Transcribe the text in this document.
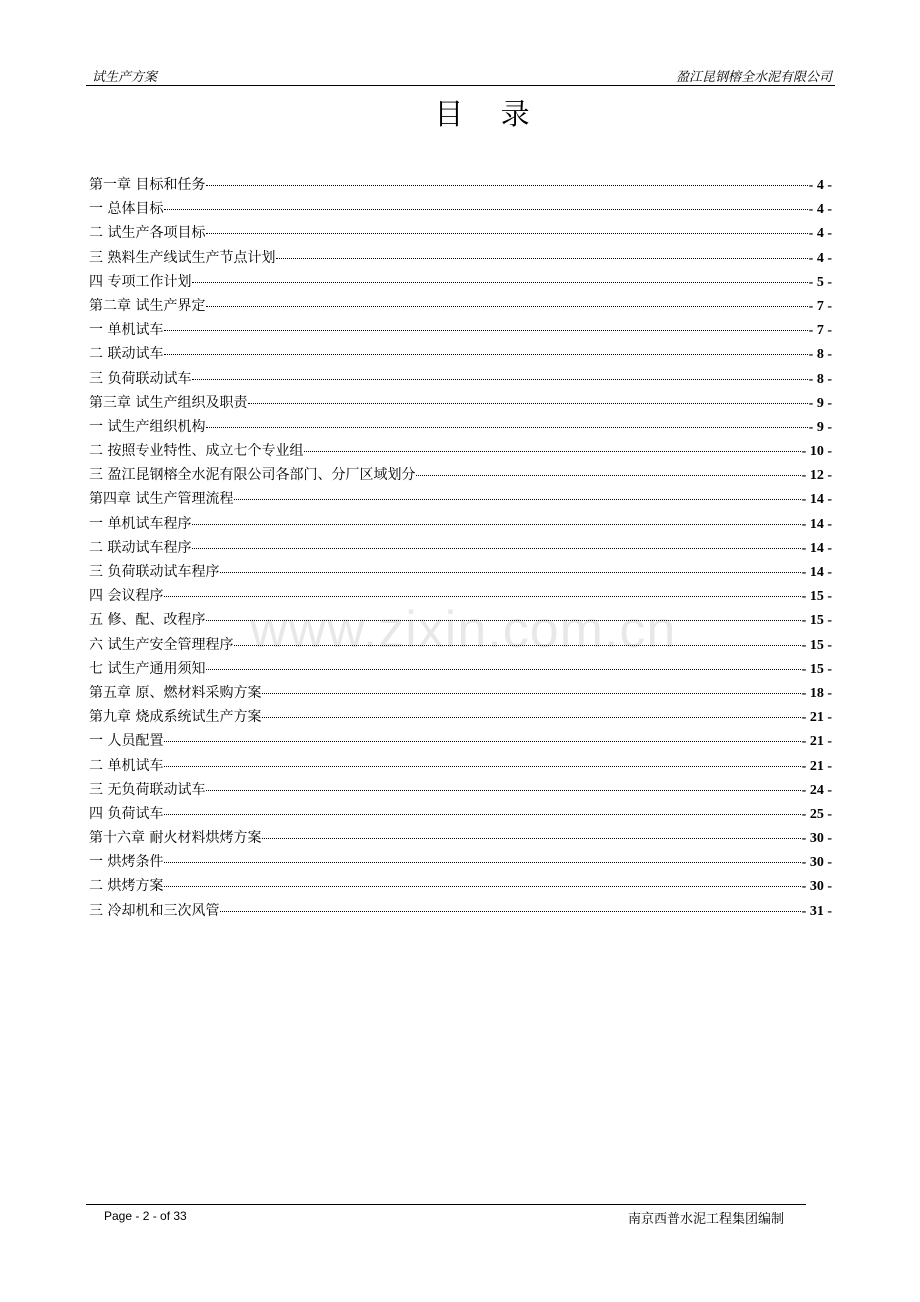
试生产方案	盈江昆钢榕全水泥有限公司
目 录
www.zixin.com.cn
第一章 目标和任务	- 4 -
一 总体目标	- 4 -
二 试生产各项目标	- 4 -
三 熟料生产线试生产节点计划	- 4 -
四 专项工作计划	- 5 -
第二章 试生产界定	- 7 -
一 单机试车	- 7 -
二 联动试车	- 8 -
三 负荷联动试车	- 8 -
第三章 试生产组织及职责	- 9 -
一 试生产组织机构	- 9 -
二 按照专业特性、成立七个专业组	- 10 -
三 盈江昆钢榕全水泥有限公司各部门、分厂区域划分	- 12 -
第四章 试生产管理流程	- 14 -
一 单机试车程序	- 14 -
二 联动试车程序	- 14 -
三 负荷联动试车程序	- 14 -
四 会议程序	- 15 -
五 修、配、改程序	- 15 -
六 试生产安全管理程序	- 15 -
七 试生产通用须知	- 15 -
第五章 原、燃材料采购方案	- 18 -
第九章 烧成系统试生产方案	- 21 -
一 人员配置	- 21 -
二 单机试车	- 21 -
三 无负荷联动试车	- 24 -
四 负荷试车	- 25 -
第十六章 耐火材料烘烤方案	- 30 -
一 烘烤条件	- 30 -
二 烘烤方案	- 30 -
三 冷却机和三次风管	- 31 -
Page - 2 - of 33	南京西普水泥工程集团编制
